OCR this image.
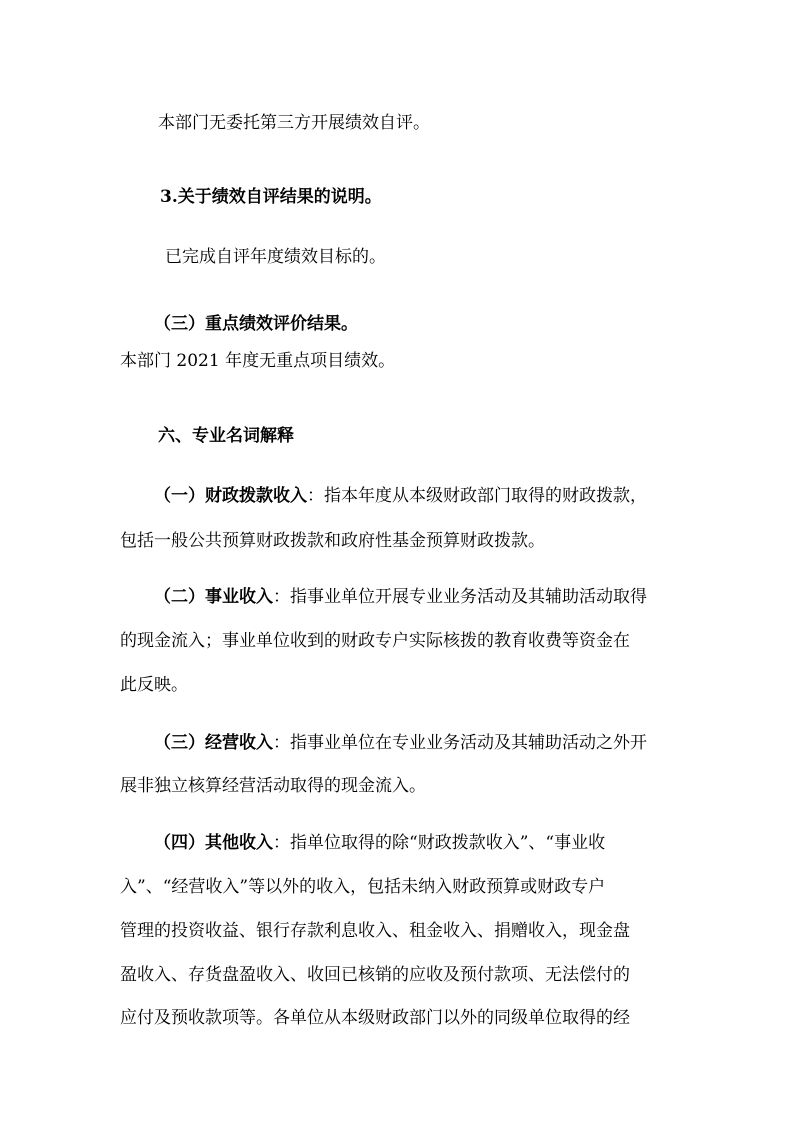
本部门无委托第三方开展绩效自评。
3.关于绩效自评结果的说明。
已完成自评年度绩效目标的。
（三）重点绩效评价结果。
本部门 2021 年度无重点项目绩效。
六、专业名词解释
（一）财政拨款收入：指本年度从本级财政部门取得的财政拨款，
包括一般公共预算财政拨款和政府性基金预算财政拨款。
（二）事业收入：指事业单位开展专业业务活动及其辅助活动取得
的现金流入；事业单位收到的财政专户实际核拨的教育收费等资金在
此反映。
（三）经营收入：指事业单位在专业业务活动及其辅助活动之外开
展非独立核算经营活动取得的现金流入。
（四）其他收入：指单位取得的除“财政拨款收入”、“事业收
入”、“经营收入”等以外的收入，包括未纳入财政预算或财政专户
管理的投资收益、银行存款利息收入、租金收入、捐赠收入，现金盘
盈收入、存货盘盈收入、收回已核销的应收及预付款项、无法偿付的
应付及预收款项等。各单位从本级财政部门以外的同级单位取得的经
